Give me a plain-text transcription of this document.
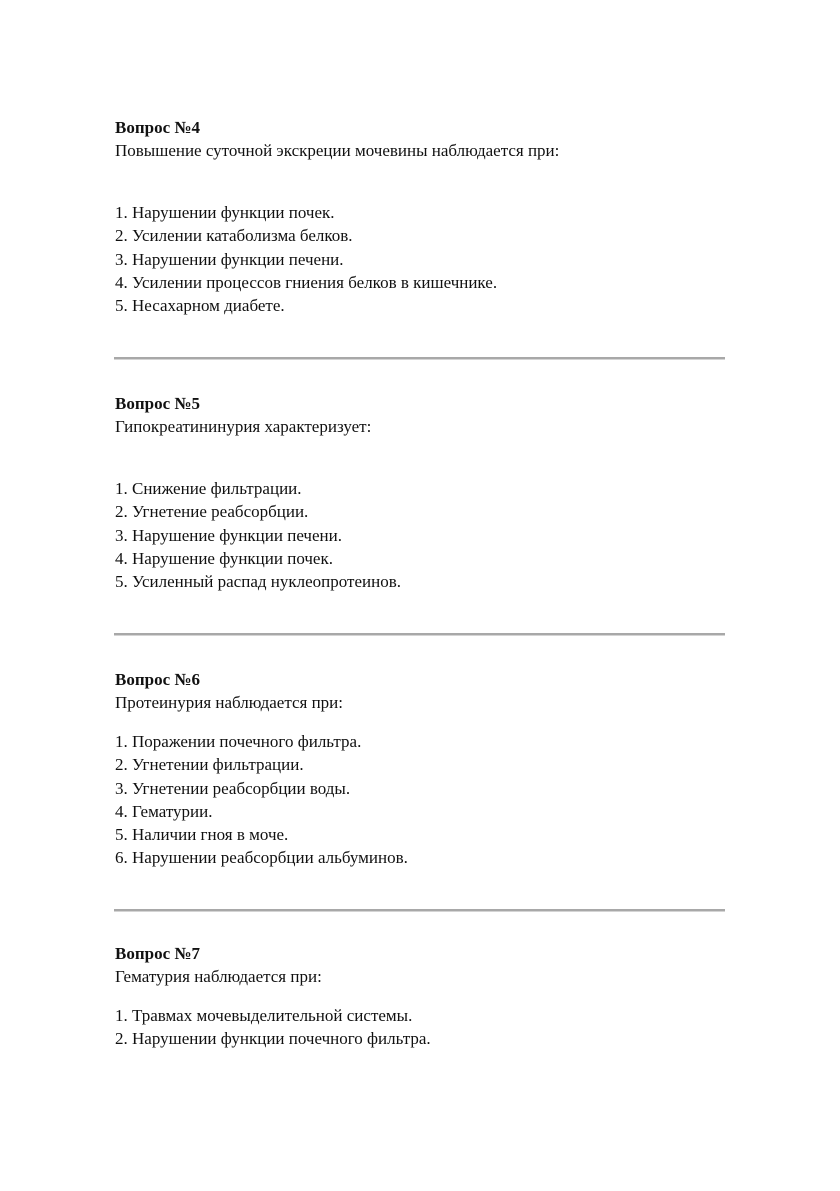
Вопрос №4

Повышение суточной экскреции мочевины наблюдается при:

1. Нарушении функции почек.
2. Усилении катаболизма белков.
3. Нарушении функции печени.
4. Усилении процессов гниения белков в кишечнике.
5. Несахарном диабете.

Вопрос №5

Гипокреатининурия характеризует:

1. Снижение фильтрации.
2. Угнетение реабсорбции.
3. Нарушение функции печени.
4. Нарушение функции почек.
5. Усиленный распад нуклеопротеинов.

Вопрос №6

Протеинурия наблюдается при:

1. Поражении почечного фильтра.
2. Угнетении фильтрации.
3. Угнетении реабсорбции воды.
4. Гематурии.
5. Наличии гноя в моче.
6. Нарушении реабсорбции альбуминов.

Вопрос №7

Гематурия наблюдается при:

1. Травмах мочевыделительной системы.
2. Нарушении функции почечного фильтра.
